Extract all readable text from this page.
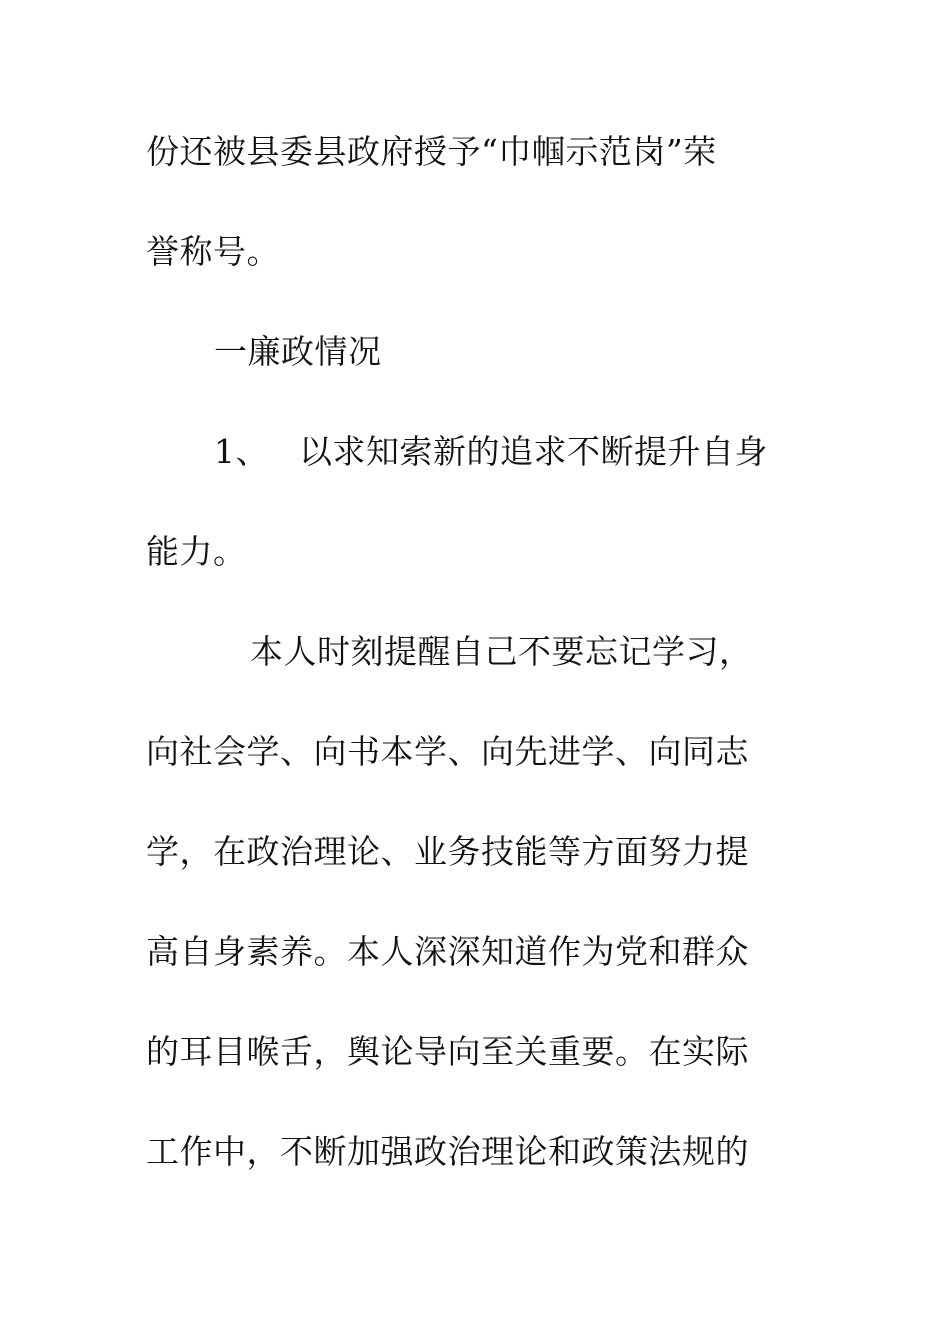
份还被县委县政府授予“巾帼示范岗”荣
誉称号。
一廉政情况
1、 以求知索新的追求不断提升自身
能力。
本人时刻提醒自己不要忘记学习，
向社会学、向书本学、向先进学、向同志
学，在政治理论、业务技能等方面努力提
高自身素养。本人深深知道作为党和群众
的耳目喉舌，舆论导向至关重要。在实际
工作中，不断加强政治理论和政策法规的
